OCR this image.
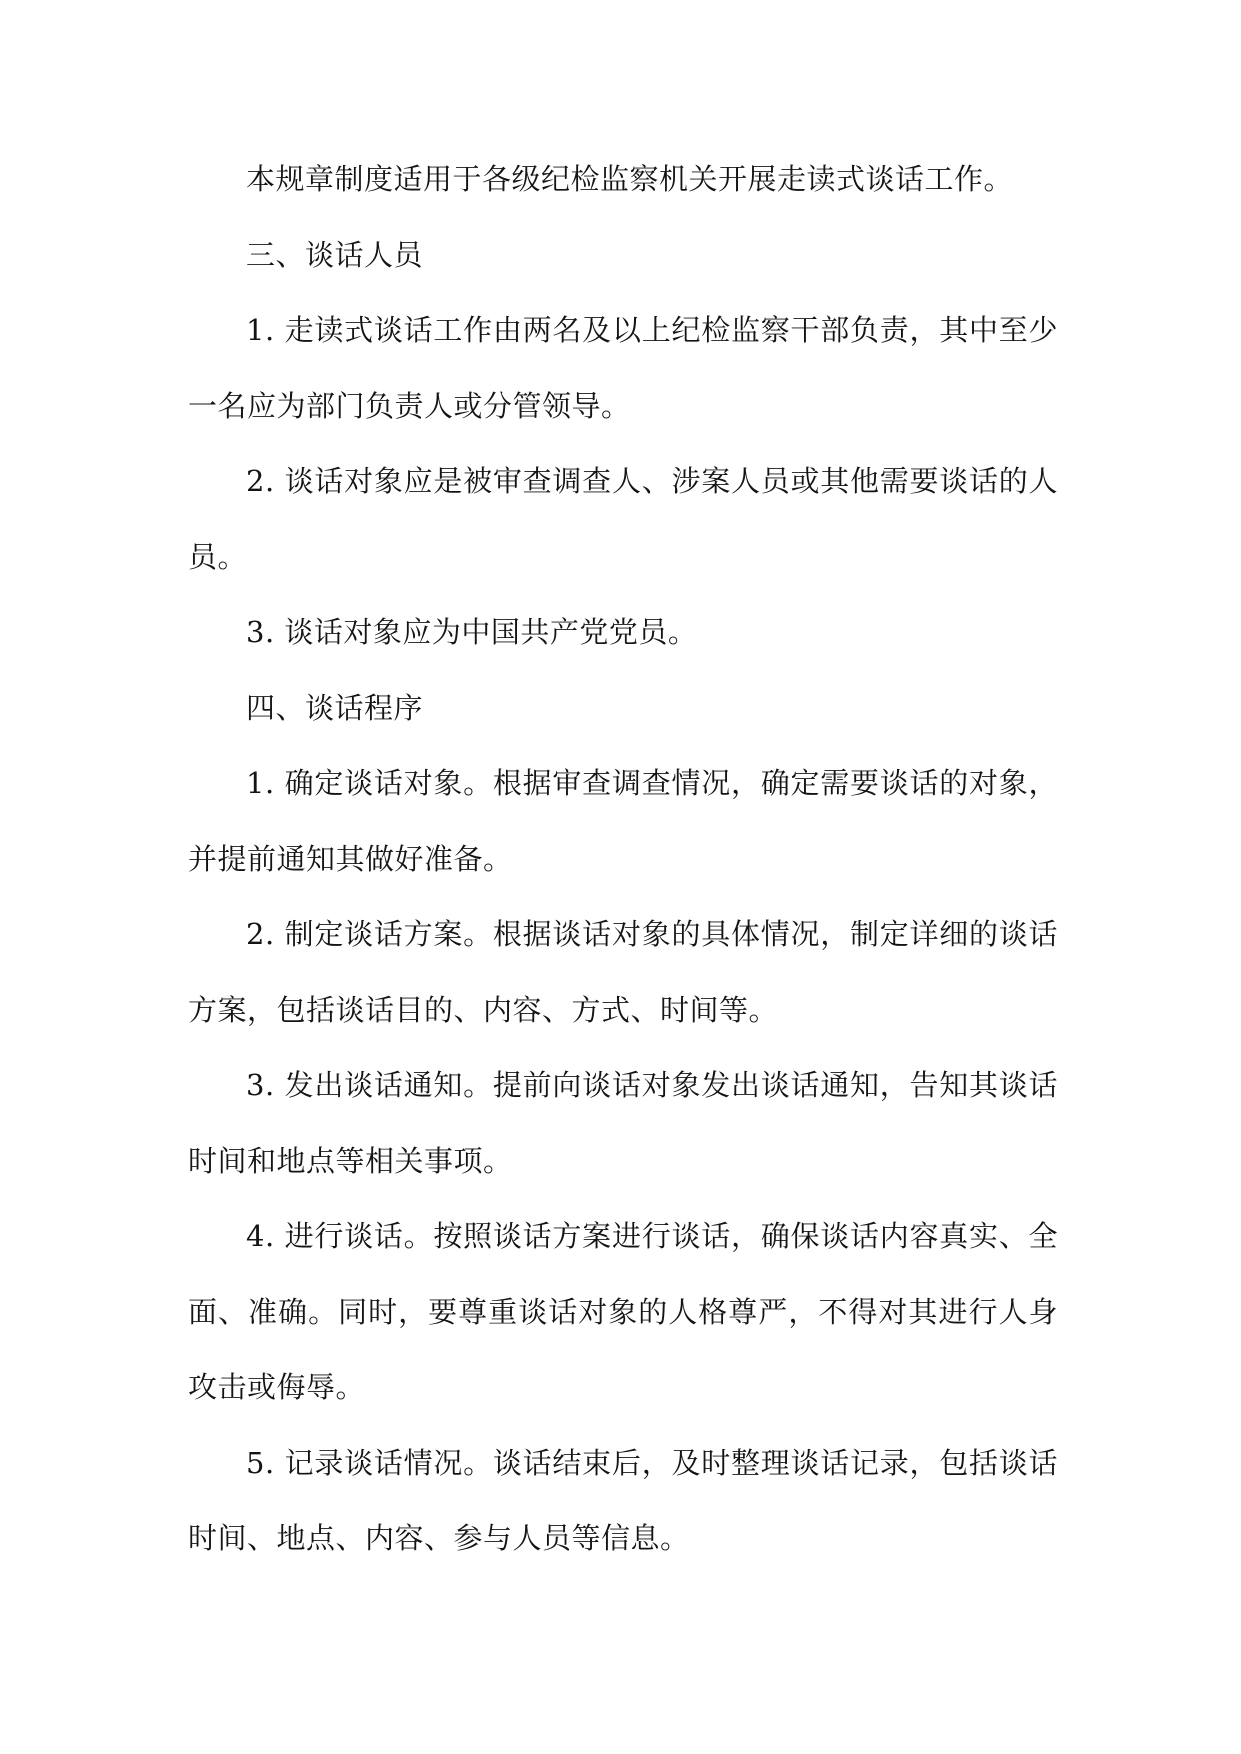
本规章制度适用于各级纪检监察机关开展走读式谈话工作。

三、谈话人员

1. 走读式谈话工作由两名及以上纪检监察干部负责，其中至少一名应为部门负责人或分管领导。

2. 谈话对象应是被审查调查人、涉案人员或其他需要谈话的人员。

3. 谈话对象应为中国共产党党员。

四、谈话程序

1. 确定谈话对象。根据审查调查情况，确定需要谈话的对象，并提前通知其做好准备。

2. 制定谈话方案。根据谈话对象的具体情况，制定详细的谈话方案，包括谈话目的、内容、方式、时间等。

3. 发出谈话通知。提前向谈话对象发出谈话通知，告知其谈话时间和地点等相关事项。

4. 进行谈话。按照谈话方案进行谈话，确保谈话内容真实、全面、准确。同时，要尊重谈话对象的人格尊严，不得对其进行人身攻击或侮辱。

5. 记录谈话情况。谈话结束后，及时整理谈话记录，包括谈话时间、地点、内容、参与人员等信息。
